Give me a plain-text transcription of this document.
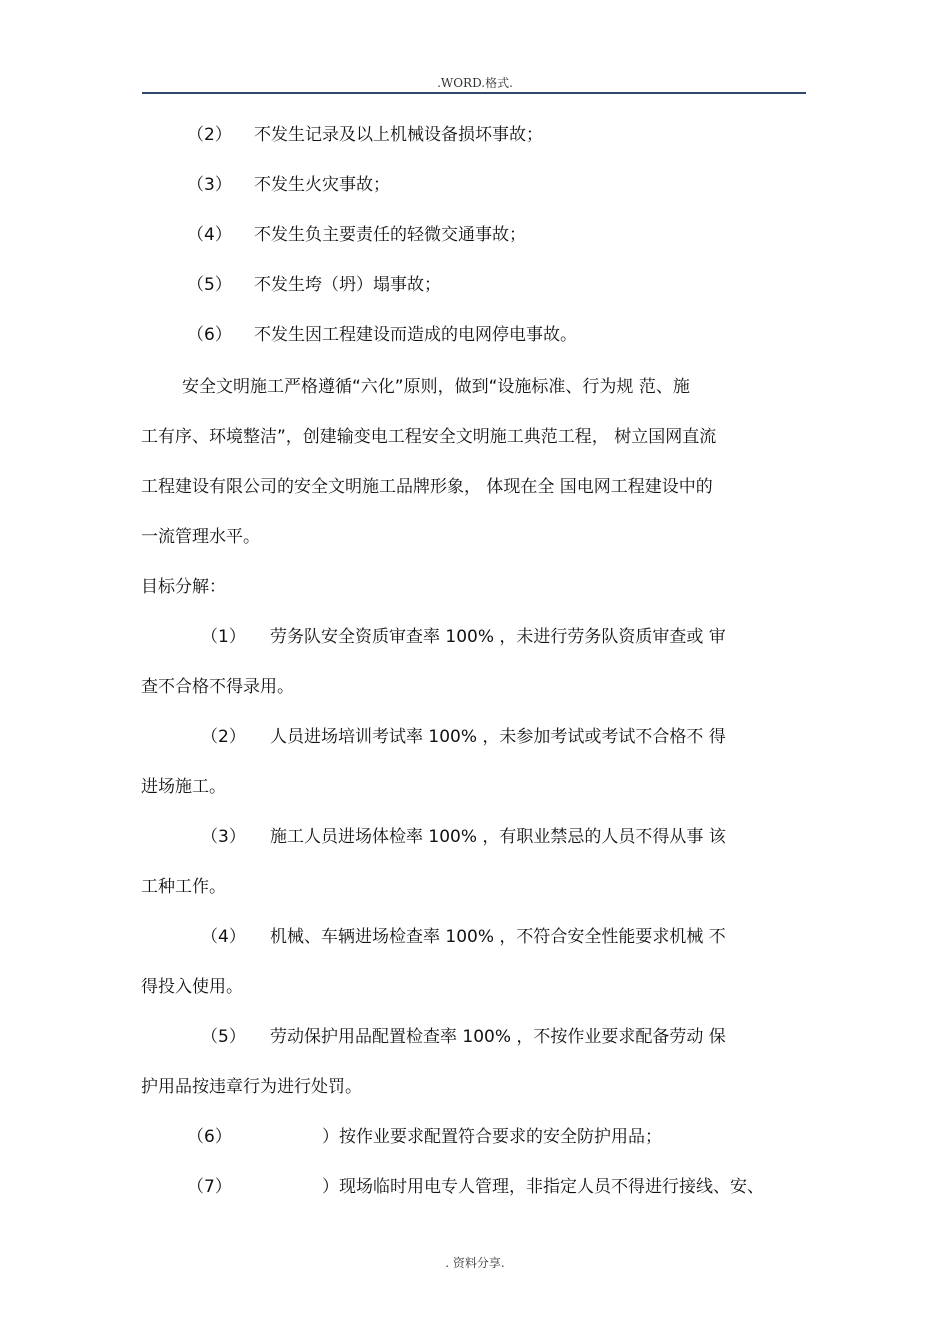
.WORD.格式.
（2） 不发生记录及以上机械设备损坏事故；
（3） 不发生火灾事故；
（4） 不发生负主要责任的轻微交通事故；
（5） 不发生垮（坍）塌事故；
（6） 不发生因工程建设而造成的电网停电事故。
安全文明施工严格遵循“六化”原则，做到“设施标准、行为规 范、施
工有序、环境整洁”，创建输变电工程安全文明施工典范工程， 树立国网直流
工程建设有限公司的安全文明施工品牌形象， 体现在全 国电网工程建设中的
一流管理水平。
目标分解：
（1） 劳务队安全资质审查率 100% ，未进行劳务队资质审查或 审
查不合格不得录用。
（2） 人员进场培训考试率 100% ，未参加考试或考试不合格不 得
进场施工。
（3） 施工人员进场体检率 100% ，有职业禁忌的人员不得从事 该
工种工作。
（4） 机械、车辆进场检查率 100% ，不符合安全性能要求机械 不
得投入使用。
（5） 劳动保护用品配置检查率 100% ，不按作业要求配备劳动 保
护用品按违章行为进行处罚。
（6）	）按作业要求配置符合要求的安全防护用品；
（7）	）现场临时用电专人管理，非指定人员不得进行接线、安、
. 资料分享.
